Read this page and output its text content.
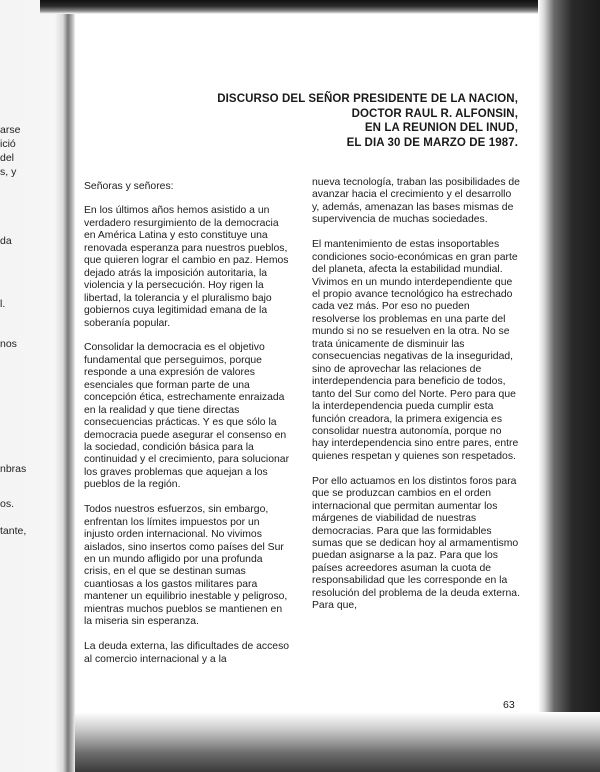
arse
ició
del
s, y
da
l.
nos
nbras
os.
tante,
DISCURSO DEL SEÑOR PRESIDENTE DE LA NACION,
DOCTOR RAUL R. ALFONSIN,
EN LA REUNION DEL INUD,
EL DIA 30 DE MARZO DE 1987.

Señoras y señores:

En los últimos años hemos asistido a un verdadero resurgimiento de la democracia en América Latina y esto constituye una renovada esperanza para nuestros pueblos, que quieren lograr el cambio en paz. Hemos dejado atrás la imposición autoritaria, la violencia y la persecución. Hoy rigen la libertad, la tolerancia y el pluralismo bajo gobiernos cuya legitimidad emana de la soberanía popular.

Consolidar la democracia es el objetivo fundamental que perseguimos, porque responde a una expresión de valores esenciales que forman parte de una concepción ética, estrechamente enraizada en la realidad y que tiene directas consecuencias prácticas. Y es que sólo la democracia puede asegurar el consenso en la sociedad, condición básica para la continuidad y el crecimiento, para solucionar los graves problemas que aquejan a los pueblos de la región.

Todos nuestros esfuerzos, sin embargo, enfrentan los límites impuestos por un injusto orden internacional. No vivimos aislados, sino insertos como países del Sur en un mundo afligido por una profunda crisis, en el que se destinan sumas cuantiosas a los gastos militares para mantener un equilibrio inestable y peligroso, mientras muchos pueblos se mantienen en la miseria sin esperanza.

La deuda externa, las dificultades de acceso al comercio internacional y a la

nueva tecnología, traban las posibilidades de avanzar hacia el crecimiento y el desarrollo y, además, amenazan las bases mismas de supervivencia de muchas sociedades.

El mantenimiento de estas insoportables condiciones socio-económicas en gran parte del planeta, afecta la estabilidad mundial. Vivimos en un mundo interdependiente que el propio avance tecnológico ha estrechado cada vez más. Por eso no pueden resolverse los problemas en una parte del mundo si no se resuelven en la otra. No se trata únicamente de disminuir las consecuencias negativas de la inseguridad, sino de aprovechar las relaciones de interdependencia para beneficio de todos, tanto del Sur como del Norte. Pero para que la interdependencia pueda cumplir esta función creadora, la primera exigencia es consolidar nuestra autonomía, porque no hay interdependencia sino entre pares, entre quienes respetan y quienes son respetados.

Por ello actuamos en los distintos foros para que se produzcan cambios en el orden internacional que permitan aumentar los márgenes de viabilidad de nuestras democracias. Para que las formidables sumas que se dedican hoy al armamentismo puedan asignarse a la paz. Para que los países acreedores asuman la cuota de responsabilidad que les corresponde en la resolución del problema de la deuda externa. Para que,

63
